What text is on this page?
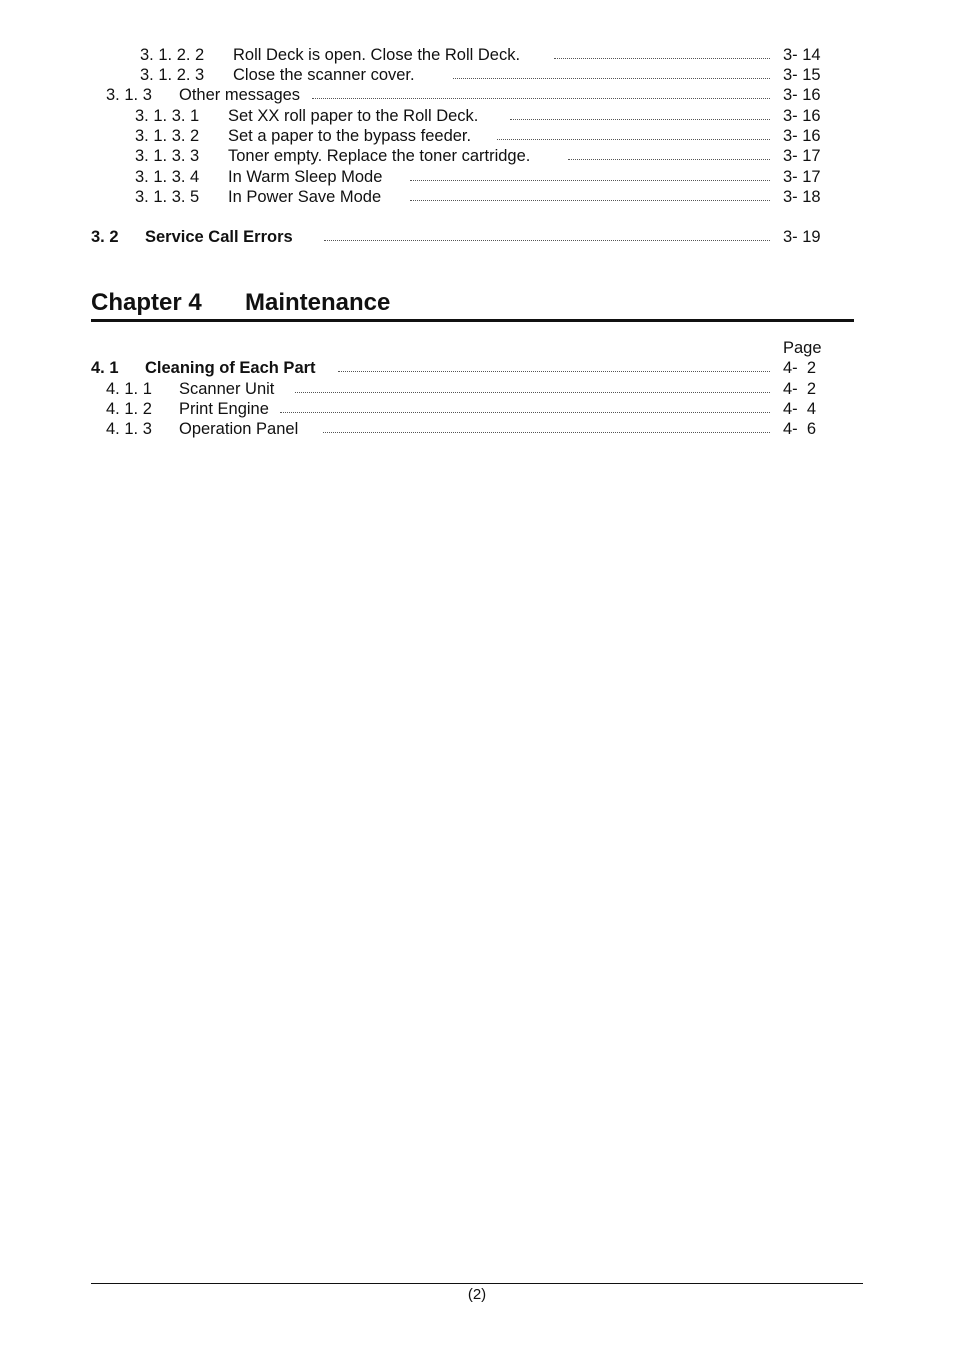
3. 1. 2. 2 Roll Deck is open. Close the Roll Deck.	3- 14
3. 1. 2. 3 Close the scanner cover.	3- 15
3. 1. 3 Other messages	3- 16
3. 1. 3. 1 Set XX roll paper to the Roll Deck.	3- 16
3. 1. 3. 2 Set a paper to the bypass feeder.	3- 16
3. 1. 3. 3 Toner empty. Replace the toner cartridge.	3- 17
3. 1. 3. 4 In Warm Sleep Mode	3- 17
3. 1. 3. 5 In Power Save Mode	3- 18
3. 2 Service Call Errors	3- 19
Chapter 4 Maintenance
Page
4. 1 Cleaning of Each Part	4-  2
4. 1. 1 Scanner Unit	4-  2
4. 1. 2 Print Engine	4-  4
4. 1. 3 Operation Panel	4-  6
(2)
